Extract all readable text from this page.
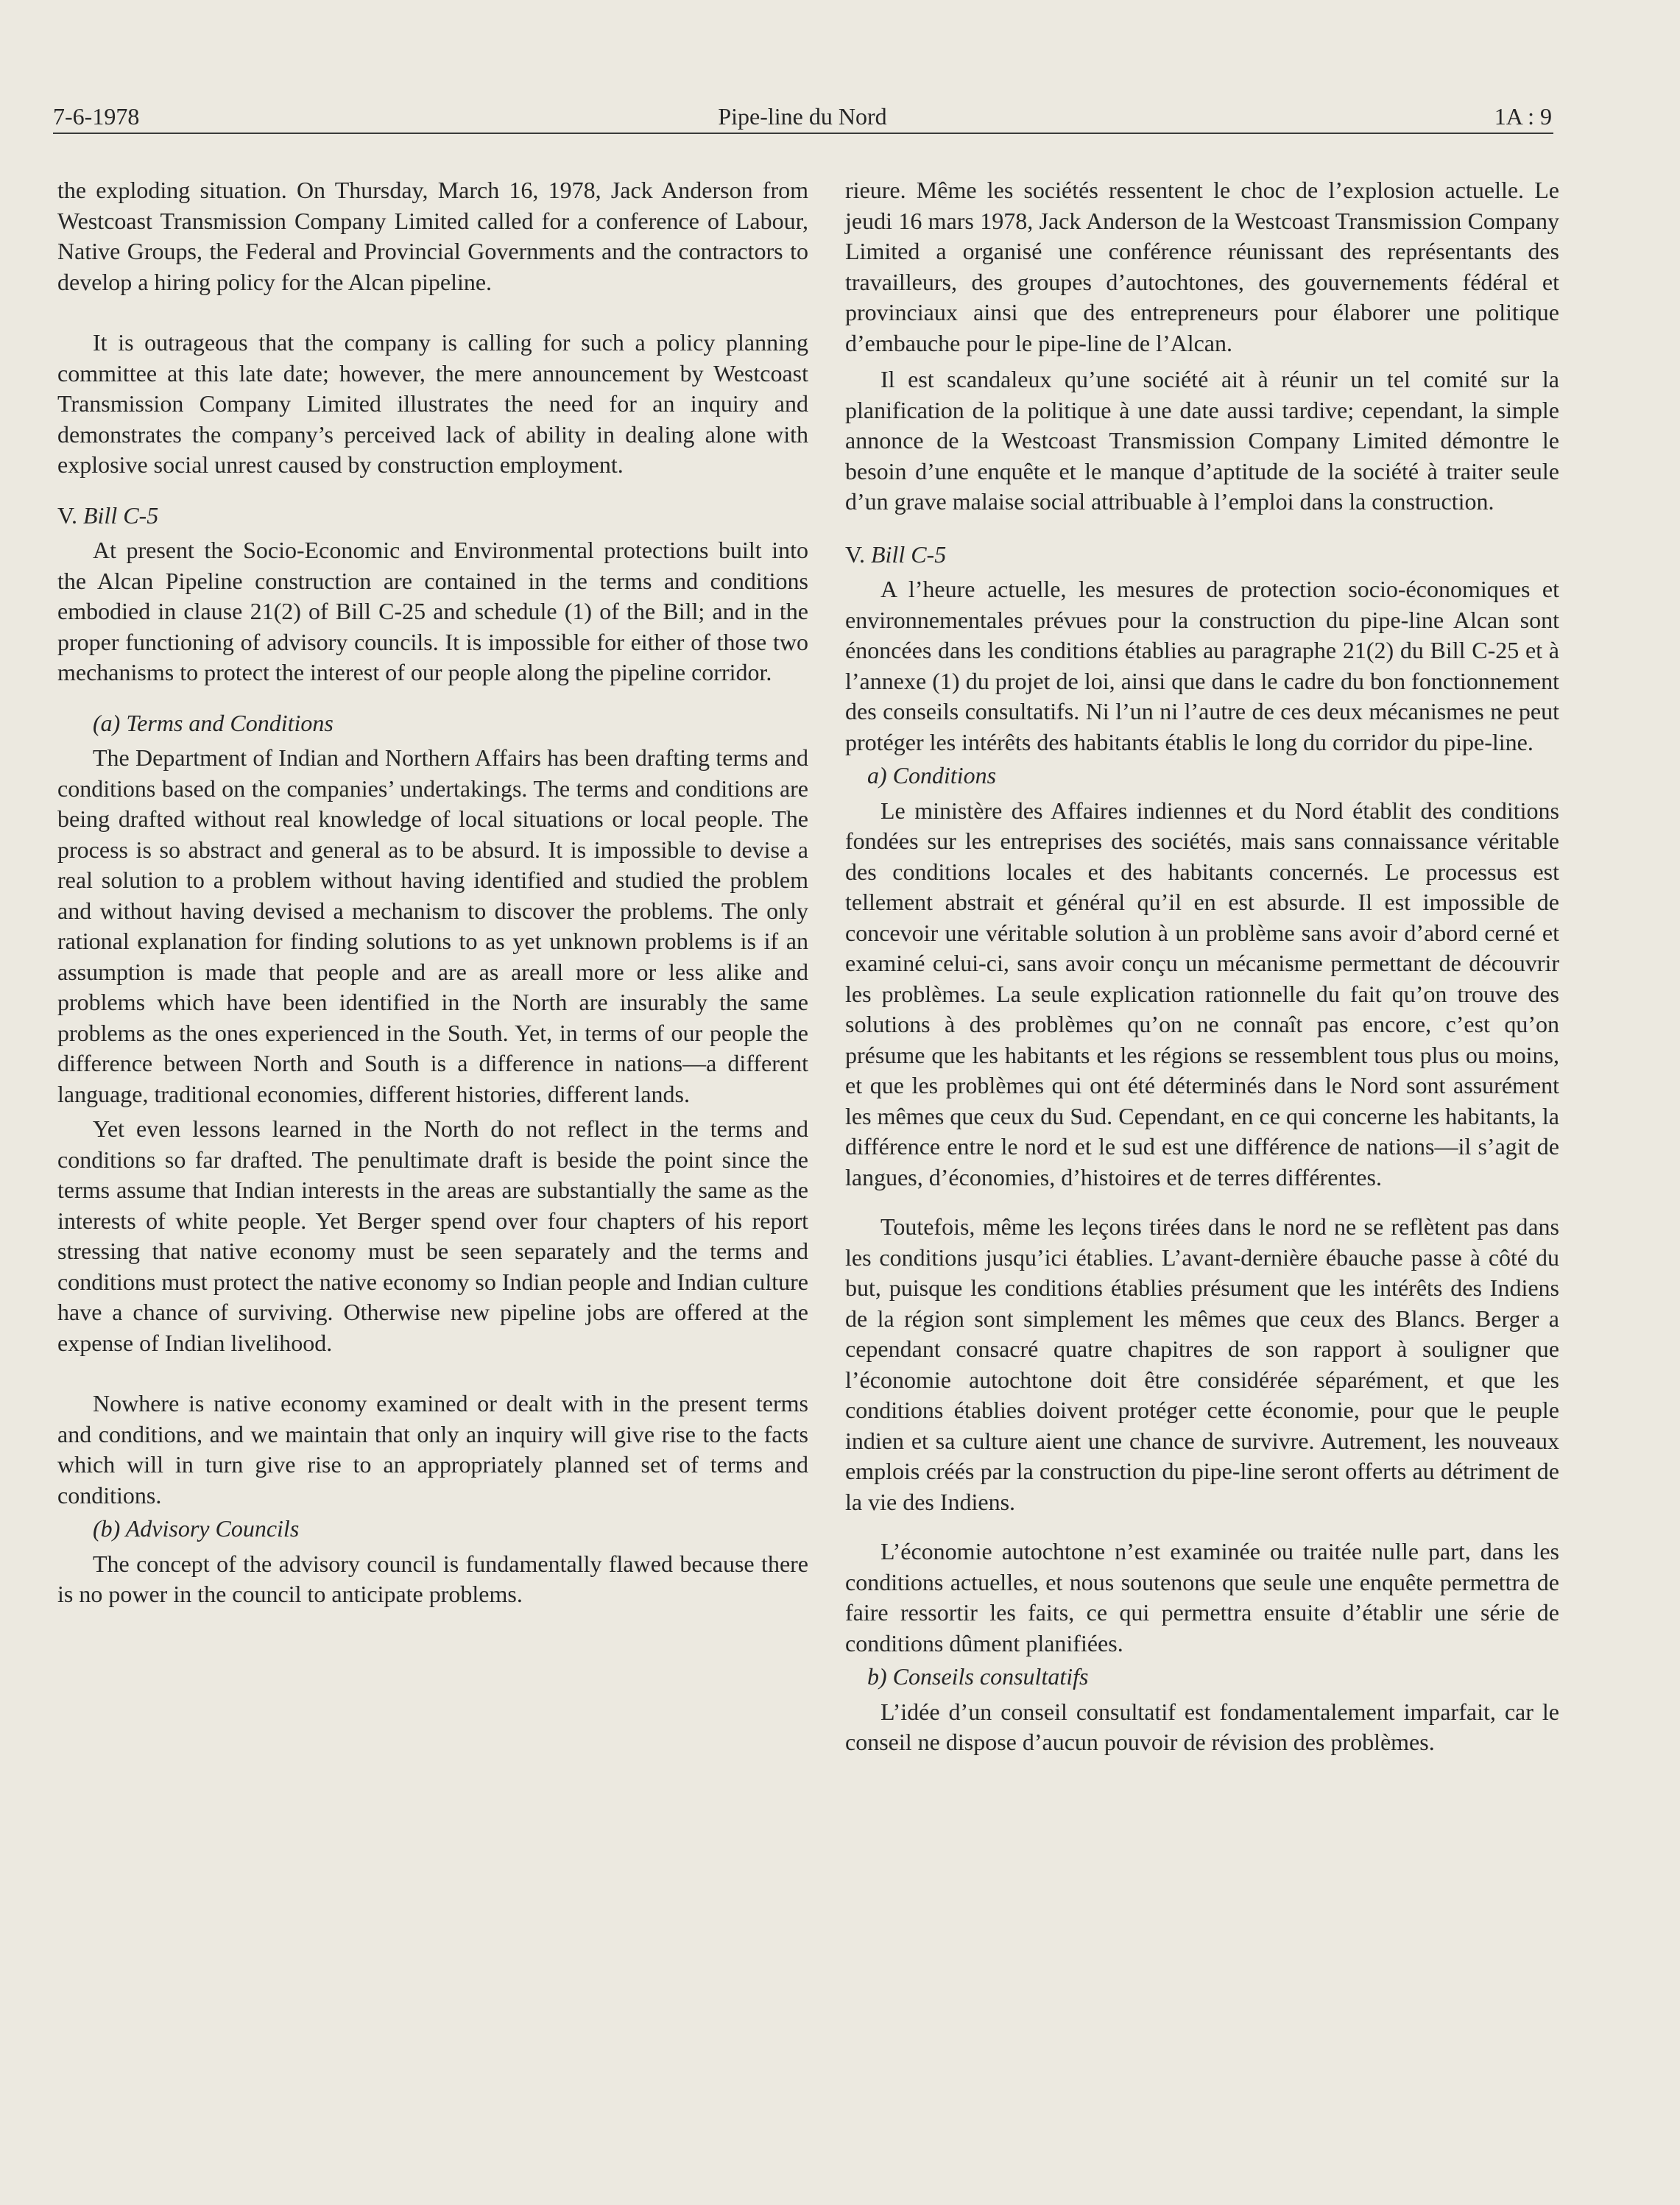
7-6-1978	Pipe-line du Nord	1A : 9

the exploding situation. On Thursday, March 16, 1978, Jack Anderson from Westcoast Transmission Company Limited called for a conference of Labour, Native Groups, the Federal and Provincial Governments and the contractors to develop a hiring policy for the Alcan pipeline.

It is outrageous that the company is calling for such a policy planning committee at this late date; however, the mere announcement by Westcoast Transmission Company Limited illustrates the need for an inquiry and demonstrates the company’s perceived lack of ability in dealing alone with explosive social unrest caused by construction employment.

V. Bill C-5

At present the Socio-Economic and Environmental protections built into the Alcan Pipeline construction are contained in the terms and conditions embodied in clause 21(2) of Bill C-25 and schedule (1) of the Bill; and in the proper functioning of advisory councils. It is impossible for either of those two mechanisms to protect the interest of our people along the pipeline corridor.

(a) Terms and Conditions

The Department of Indian and Northern Affairs has been drafting terms and conditions based on the companies’ undertakings. The terms and conditions are being drafted without real knowledge of local situations or local people. The process is so abstract and general as to be absurd. It is impossible to devise a real solution to a problem without having identified and studied the problem and without having devised a mechanism to discover the problems. The only rational explanation for finding solutions to as yet unknown problems is if an assumption is made that people and are as areall more or less alike and problems which have been identified in the North are insurably the same problems as the ones experienced in the South. Yet, in terms of our people the difference between North and South is a difference in nations—a different language, traditional economies, different histories, different lands.

Yet even lessons learned in the North do not reflect in the terms and conditions so far drafted. The penultimate draft is beside the point since the terms assume that Indian interests in the areas are substantially the same as the interests of white people. Yet Berger spend over four chapters of his report stressing that native economy must be seen separately and the terms and conditions must protect the native economy so Indian people and Indian culture have a chance of surviving. Otherwise new pipeline jobs are offered at the expense of Indian livelihood.

Nowhere is native economy examined or dealt with in the present terms and conditions, and we maintain that only an inquiry will give rise to the facts which will in turn give rise to an appropriately planned set of terms and conditions.

(b) Advisory Councils

The concept of the advisory council is fundamentally flawed because there is no power in the council to anticipate problems.

rieure. Même les sociétés ressentent le choc de l’explosion actuelle. Le jeudi 16 mars 1978, Jack Anderson de la Westcoast Transmission Company Limited a organisé une conférence réunissant des représentants des travailleurs, des groupes d’autochtones, des gouvernements fédéral et provinciaux ainsi que des entrepreneurs pour élaborer une politique d’embauche pour le pipe-line de l’Alcan.

Il est scandaleux qu’une société ait à réunir un tel comité sur la planification de la politique à une date aussi tardive; cependant, la simple annonce de la Westcoast Transmission Company Limited démontre le besoin d’une enquête et le manque d’aptitude de la société à traiter seule d’un grave malaise social attribuable à l’emploi dans la construction.

V. Bill C-5

A l’heure actuelle, les mesures de protection socio-économiques et environnementales prévues pour la construction du pipe-line Alcan sont énoncées dans les conditions établies au paragraphe 21(2) du Bill C-25 et à l’annexe (1) du projet de loi, ainsi que dans le cadre du bon fonctionnement des conseils consultatifs. Ni l’un ni l’autre de ces deux mécanismes ne peut protéger les intérêts des habitants établis le long du corridor du pipe-line.

a) Conditions

Le ministère des Affaires indiennes et du Nord établit des conditions fondées sur les entreprises des sociétés, mais sans connaissance véritable des conditions locales et des habitants concernés. Le processus est tellement abstrait et général qu’il en est absurde. Il est impossible de concevoir une véritable solution à un problème sans avoir d’abord cerné et examiné celui-ci, sans avoir conçu un mécanisme permettant de découvrir les problèmes. La seule explication rationnelle du fait qu’on trouve des solutions à des problèmes qu’on ne connaît pas encore, c’est qu’on présume que les habitants et les régions se ressemblent tous plus ou moins, et que les problèmes qui ont été déterminés dans le Nord sont assurément les mêmes que ceux du Sud. Cependant, en ce qui concerne les habitants, la différence entre le nord et le sud est une différence de nations—il s’agit de langues, d’économies, d’histoires et de terres différentes.

Toutefois, même les leçons tirées dans le nord ne se reflètent pas dans les conditions jusqu’ici établies. L’avant-dernière ébauche passe à côté du but, puisque les conditions établies présument que les intérêts des Indiens de la région sont simplement les mêmes que ceux des Blancs. Berger a cependant consacré quatre chapitres de son rapport à souligner que l’économie autochtone doit être considérée séparément, et que les conditions établies doivent protéger cette économie, pour que le peuple indien et sa culture aient une chance de survivre. Autrement, les nouveaux emplois créés par la construction du pipe-line seront offerts au détriment de la vie des Indiens.

L’économie autochtone n’est examinée ou traitée nulle part, dans les conditions actuelles, et nous soutenons que seule une enquête permettra de faire ressortir les faits, ce qui permettra ensuite d’établir une série de conditions dûment planifiées.

b) Conseils consultatifs

L’idée d’un conseil consultatif est fondamentalement imparfait, car le conseil ne dispose d’aucun pouvoir de révision des problèmes.
